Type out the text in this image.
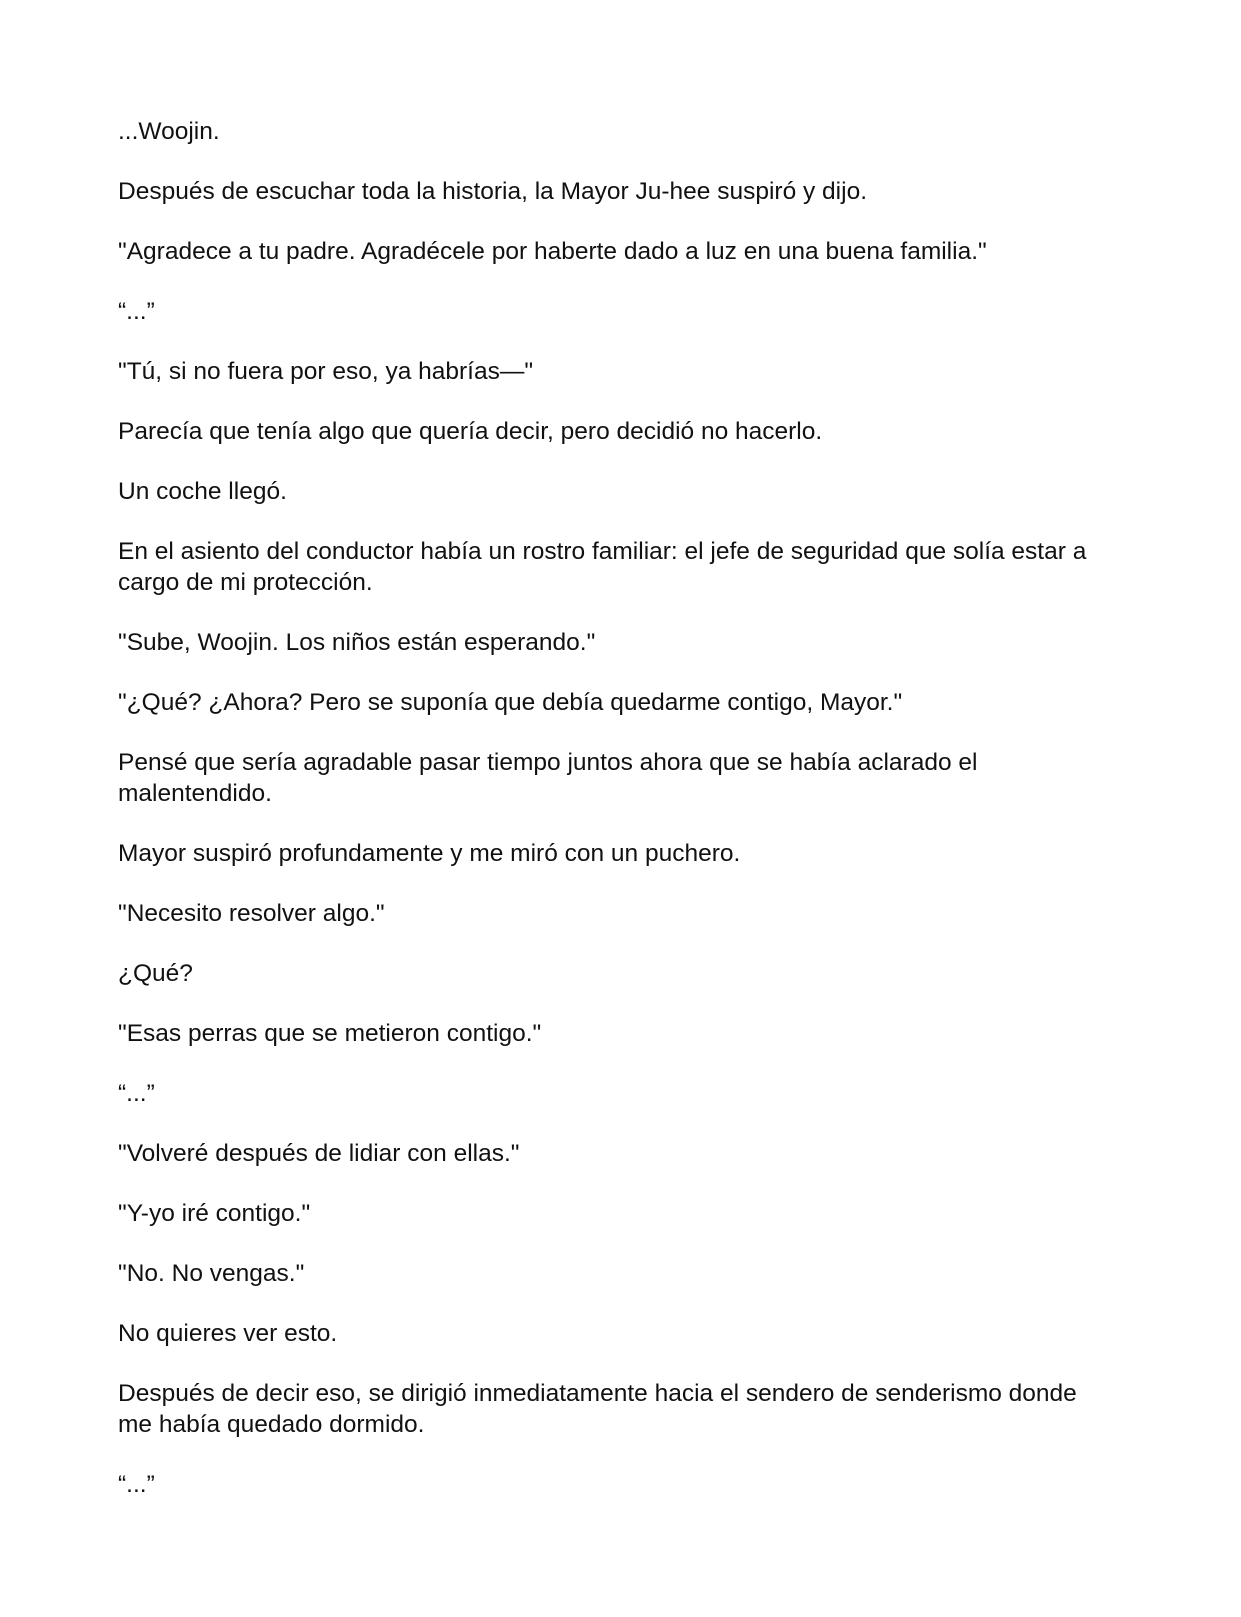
...Woojin.

Después de escuchar toda la historia, la Mayor Ju-hee suspiró y dijo.

"Agradece a tu padre. Agradécele por haberte dado a luz en una buena familia."

“...”

"Tú, si no fuera por eso, ya habrías—"

Parecía que tenía algo que quería decir, pero decidió no hacerlo.

Un coche llegó.

En el asiento del conductor había un rostro familiar: el jefe de seguridad que solía estar a cargo de mi protección.

"Sube, Woojin. Los niños están esperando."

"¿Qué? ¿Ahora? Pero se suponía que debía quedarme contigo, Mayor."

Pensé que sería agradable pasar tiempo juntos ahora que se había aclarado el malentendido.

Mayor suspiró profundamente y me miró con un puchero.

"Necesito resolver algo."

¿Qué?

"Esas perras que se metieron contigo."

“...”

"Volveré después de lidiar con ellas."

"Y-yo iré contigo."

"No. No vengas."

No quieres ver esto.

Después de decir eso, se dirigió inmediatamente hacia el sendero de senderismo donde me había quedado dormido.

“...”
